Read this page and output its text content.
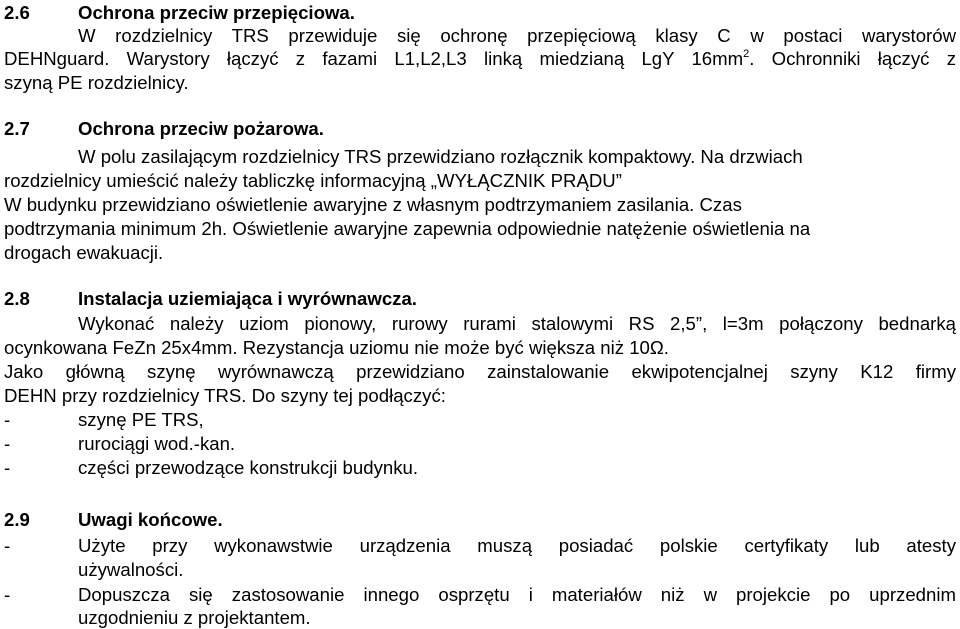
2.6	Ochrona przeciw przepięciowa.
W rozdzielnicy TRS przewiduje się ochronę przepięciową klasy C w postaci warystorów
DEHNguard. Warystory łączyć z fazami L1,L2,L3 linką miedzianą LgY $16mm^2$. Ochronniki łączyć z
szyną PE rozdzielnicy.
2.7	Ochrona przeciw pożarowa.
W polu zasilającym rozdzielnicy TRS przewidziano rozłącznik kompaktowy. Na drzwiach
rozdzielnicy umieścić należy tabliczkę informacyjną „WYŁĄCZNIK PRĄDU”
W budynku przewidziano oświetlenie awaryjne z własnym podtrzymaniem zasilania. Czas
podtrzymania minimum 2h. Oświetlenie awaryjne zapewnia odpowiednie natężenie oświetlenia na
drogach ewakuacji.
2.8	Instalacja uziemiająca i wyrównawcza.
Wykonać należy uziom pionowy, rurowy rurami stalowymi RS 2,5”, l=3m połączony bednarką
ocynkowana FeZn 25x4mm. Rezystancja uziomu nie może być większa niż 10Ω.
Jako główną szynę wyrównawczą przewidziano zainstalowanie ekwipotencjalnej szyny K12 firmy
DEHN przy rozdzielnicy TRS. Do szyny tej podłączyć:
-	szynę PE TRS,
-	rurociągi wod.-kan.
-	części przewodzące konstrukcji budynku.
2.9	Uwagi końcowe.
-	Użyte przy wykonawstwie urządzenia muszą posiadać polskie certyfikaty lub atesty
używalności.
-	Dopuszcza się zastosowanie innego osprzętu i materiałów niż w projekcie po uprzednim
uzgodnieniu z projektantem.
